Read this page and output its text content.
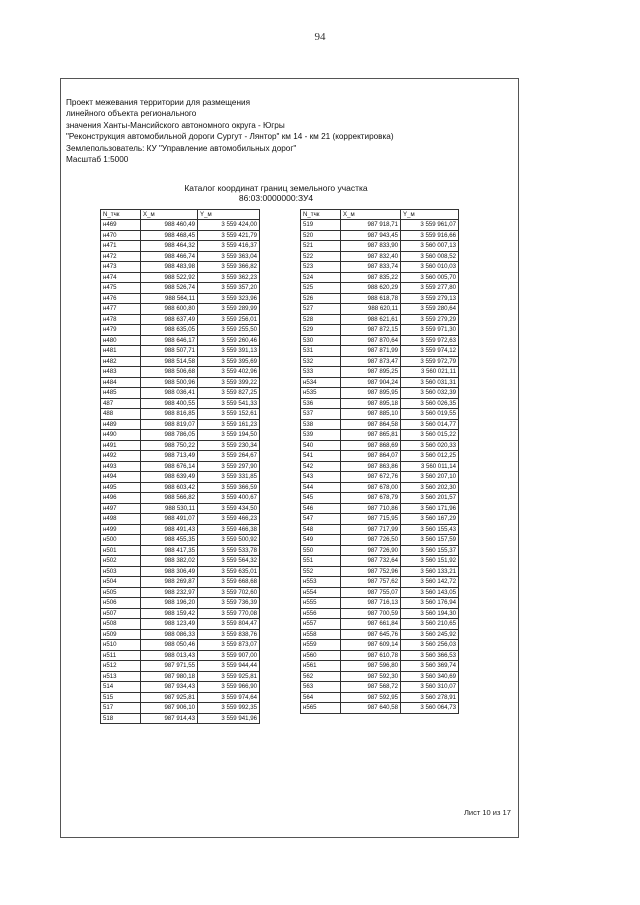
94
Проект межевания территории для размещения
линейного объекта регионального
значения Ханты-Мансийского автономного округа - Югры
"Реконструкция автомобильной дороги Сургут - Лянтор" км 14 - км 21 (корректировка)
Землепользователь: КУ "Управление автомобильных дорог"
Масштаб 1:5000
Каталог координат границ земельного участка
86:03:0000000:ЗУ4
N_тчк	X_м	Y_м
н469	988 460,49	3 559 424,00
н470	988 468,45	3 559 421,79
н471	988 464,32	3 559 416,37
н472	988 466,74	3 559 363,04
н473	988 483,98	3 559 366,82
н474	988 522,92	3 559 362,23
н475	988 526,74	3 559 357,20
н476	988 564,11	3 559 323,96
н477	988 600,80	3 559 289,99
н478	988 637,49	3 559 256,01
н479	988 635,05	3 559 255,50
н480	988 646,17	3 559 260,46
н481	988 507,71	3 559 391,13
н482	988 514,58	3 559 395,69
н483	988 506,68	3 559 402,96
н484	988 500,96	3 559 399,22
н485	988 036,41	3 559 827,25
487	988 400,55	3 559 541,33
488	988 816,85	3 559 152,61
н489	988 819,07	3 559 161,23
н490	988 786,05	3 559 194,50
н491	988 750,22	3 559 230,34
н492	988 713,49	3 559 264,67
н493	988 676,14	3 559 297,90
н494	988 639,49	3 559 331,85
н495	988 603,42	3 559 366,59
н496	988 566,82	3 559 400,67
н497	988 530,11	3 559 434,50
н498	988 491,07	3 559 466,23
н499	988 491,43	3 559 466,38
н500	988 455,35	3 559 500,92
н501	988 417,35	3 559 533,78
н502	988 382,02	3 559 564,32
н503	988 306,49	3 559 635,01
н504	988 269,87	3 559 668,68
н505	988 232,97	3 559 702,60
н506	988 196,20	3 559 736,39
н507	988 159,42	3 559 770,08
н508	988 123,49	3 559 804,47
н509	988 086,33	3 559 838,76
н510	988 050,46	3 559 873,07
н511	988 013,43	3 559 907,00
н512	987 971,55	3 559 944,44
н513	987 980,18	3 559 925,81
514	987 934,43	3 559 966,90
515	987 925,81	3 559 974,64
517	987 906,10	3 559 992,35
518	987 914,43	3 559 941,96
N_тчк	X_м	Y_м
519	987 918,71	3 559 961,07
520	987 943,45	3 559 916,66
521	987 833,90	3 560 007,13
522	987 832,40	3 560 008,52
523	987 833,74	3 560 010,03
524	987 835,22	3 560 005,70
525	988 620,29	3 559 277,80
526	988 618,78	3 559 279,13
527	988 620,11	3 559 280,64
528	988 621,61	3 559 279,29
529	987 872,15	3 559 971,30
530	987 870,64	3 559 972,63
531	987 871,99	3 559 974,12
532	987 873,47	3 559 972,79
533	987 895,25	3 560 021,11
н534	987 904,24	3 560 031,31
н535	987 895,95	3 560 032,39
536	987 895,18	3 560 026,35
537	987 885,10	3 560 019,55
538	987 864,58	3 560 014,77
539	987 865,81	3 560 015,22
540	987 868,69	3 560 020,33
541	987 864,07	3 560 012,25
542	987 863,86	3 560 011,14
543	987 672,76	3 560 207,10
544	987 678,00	3 560 202,30
545	987 678,79	3 560 201,57
546	987 710,86	3 560 171,96
547	987 715,95	3 560 167,29
548	987 717,99	3 560 155,43
549	987 726,50	3 560 157,59
550	987 726,90	3 560 155,37
551	987 732,64	3 560 151,92
552	987 752,96	3 560 133,21
н553	987 757,62	3 560 142,72
н554	987 755,07	3 560 143,05
н555	987 716,13	3 560 176,94
н556	987 700,59	3 560 194,30
н557	987 661,84	3 560 210,65
н558	987 645,76	3 560 245,92
н559	987 609,14	3 560 256,03
н560	987 610,78	3 560 366,53
н561	987 596,80	3 560 369,74
562	987 592,30	3 560 340,69
563	987 568,72	3 560 310,07
564	987 592,95	3 560 278,91
н565	987 640,58	3 560 064,73
Лист 10 из 17
